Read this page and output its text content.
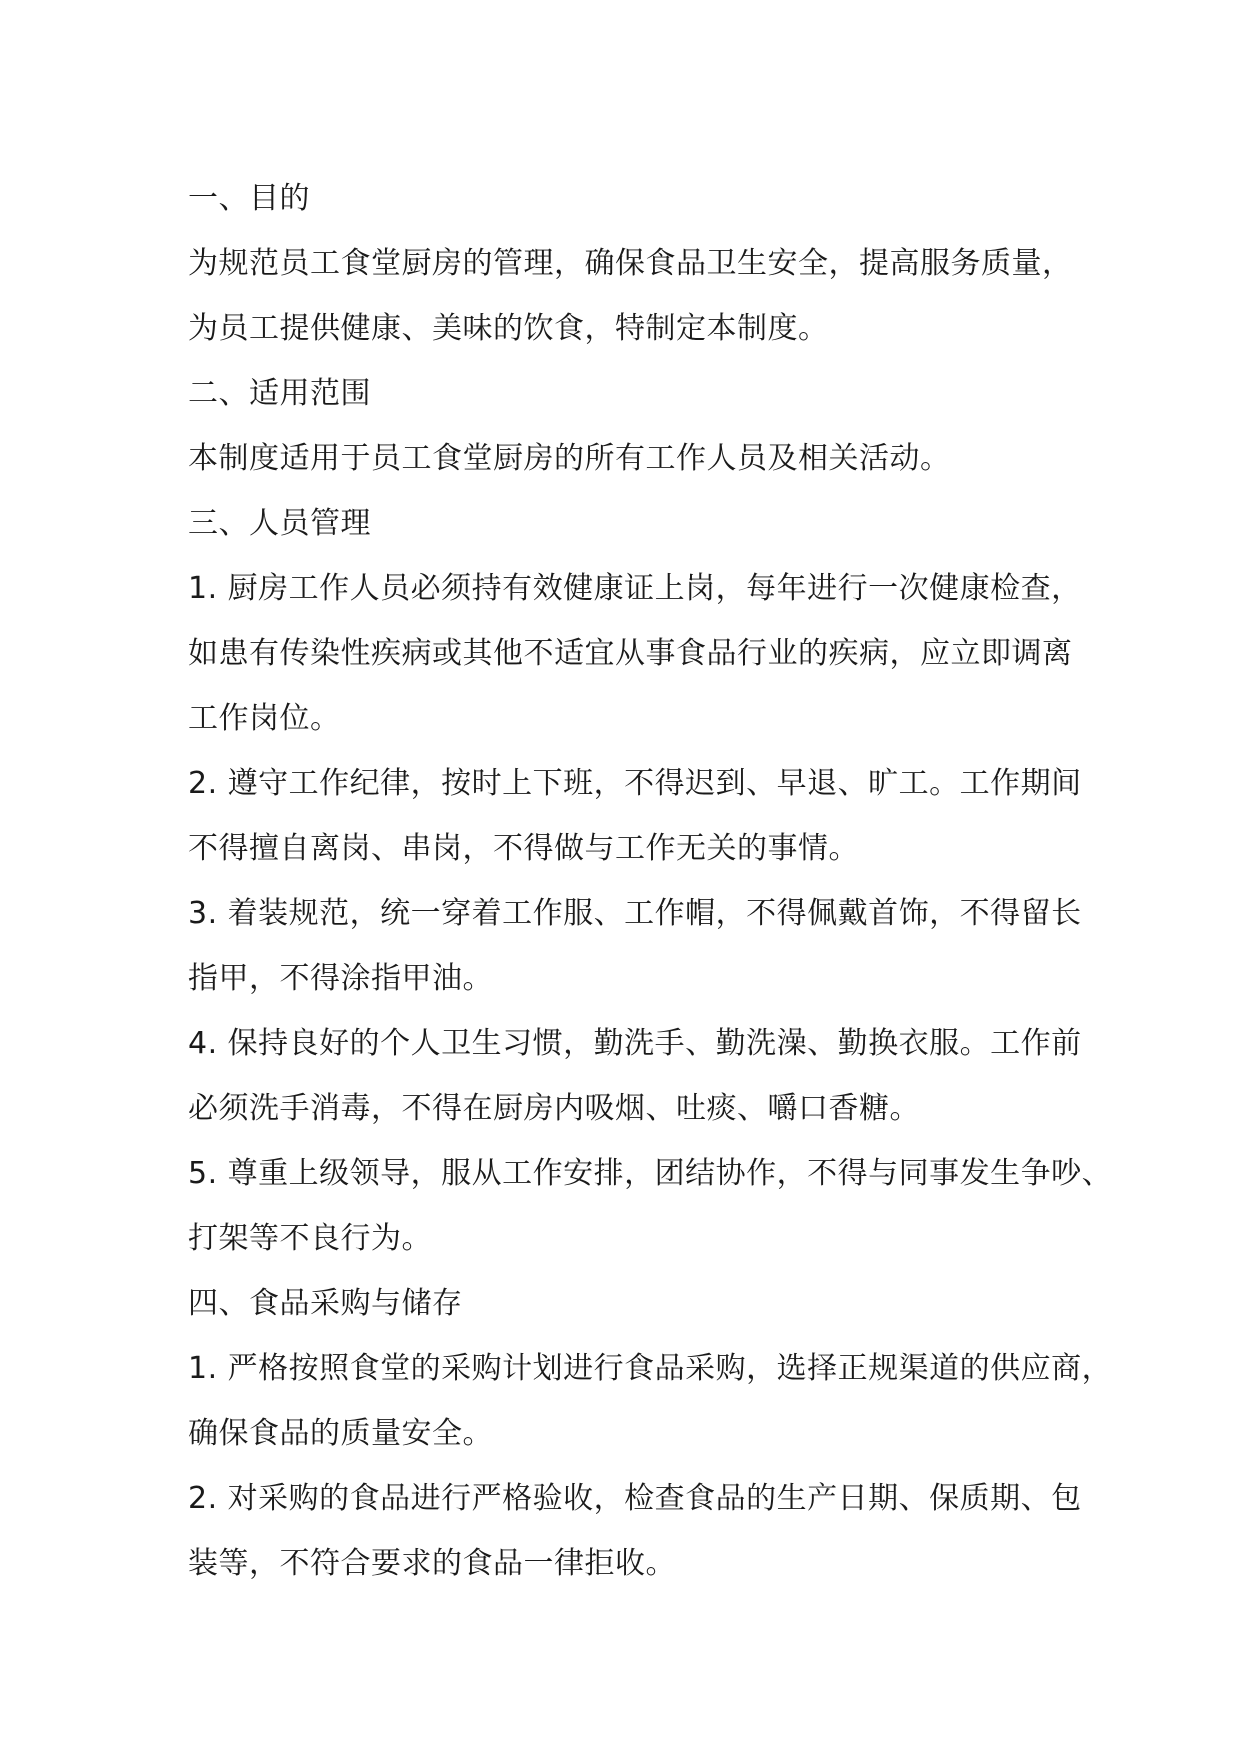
一、目的
为规范员工食堂厨房的管理，确保食品卫生安全，提高服务质量，
为员工提供健康、美味的饮食，特制定本制度。
二、适用范围
本制度适用于员工食堂厨房的所有工作人员及相关活动。
三、人员管理
1. 厨房工作人员必须持有效健康证上岗，每年进行一次健康检查，
如患有传染性疾病或其他不适宜从事食品行业的疾病，应立即调离
工作岗位。
2. 遵守工作纪律，按时上下班，不得迟到、早退、旷工。工作期间
不得擅自离岗、串岗，不得做与工作无关的事情。
3. 着装规范，统一穿着工作服、工作帽，不得佩戴首饰，不得留长
指甲，不得涂指甲油。
4. 保持良好的个人卫生习惯，勤洗手、勤洗澡、勤换衣服。工作前
必须洗手消毒，不得在厨房内吸烟、吐痰、嚼口香糖。
5. 尊重上级领导，服从工作安排，团结协作，不得与同事发生争吵、
打架等不良行为。
四、食品采购与储存
1. 严格按照食堂的采购计划进行食品采购，选择正规渠道的供应商，
确保食品的质量安全。
2. 对采购的食品进行严格验收，检查食品的生产日期、保质期、包
装等，不符合要求的食品一律拒收。
